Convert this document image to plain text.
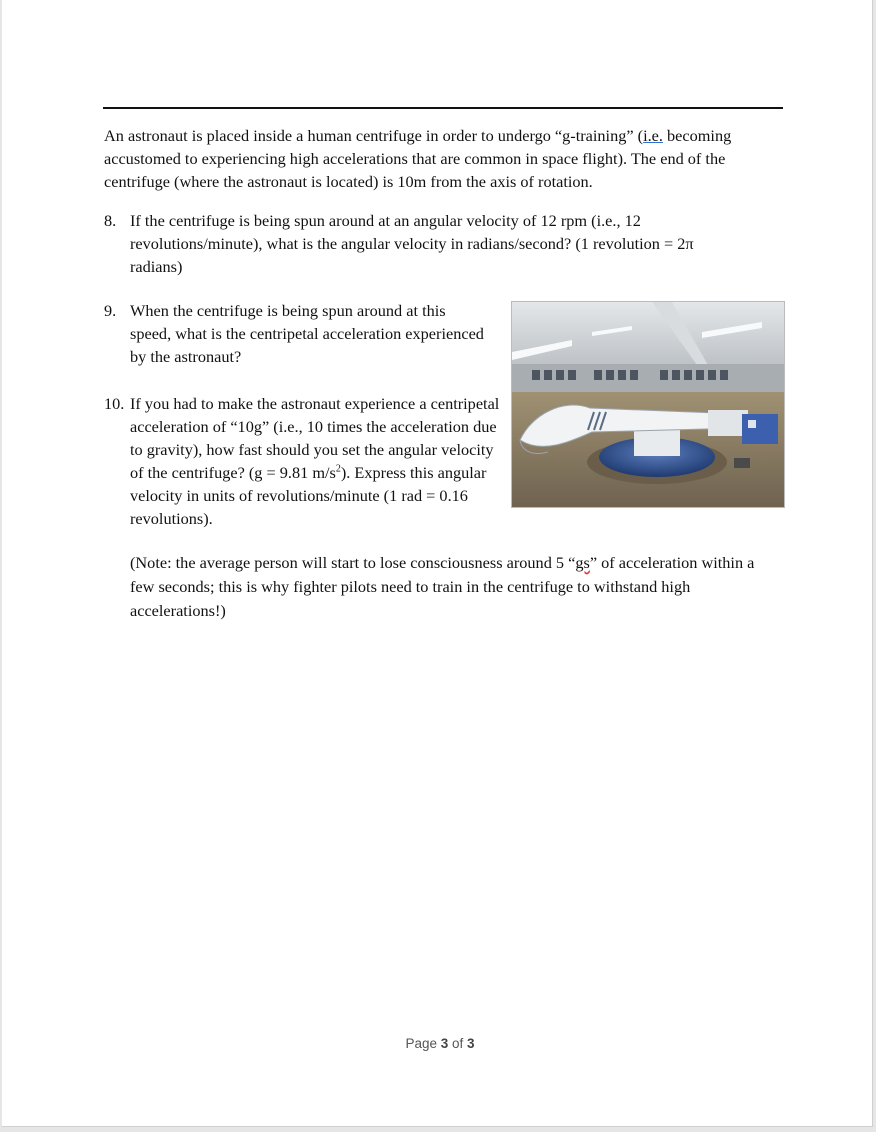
An astronaut is placed inside a human centrifuge in order to undergo “g-training” (i.e. becoming accustomed to experiencing high accelerations that are common in space flight). The end of the centrifuge (where the astronaut is located) is 10m from the axis of rotation.

8. If the centrifuge is being spun around at an angular velocity of 12 rpm (i.e., 12 revolutions/minute), what is the angular velocity in radians/second? (1 revolution = 2π radians)
9. When the centrifuge is being spun around at this speed, what is the centripetal acceleration experienced by the astronaut?
10. If you had to make the astronaut experience a centripetal acceleration of “10g” (i.e., 10 times the acceleration due to gravity), how fast should you set the angular velocity of the centrifuge? (g = 9.81 $m/s^2$). Express this angular velocity in units of revolutions/minute (1 rad = 0.16 revolutions).

(Note: the average person will start to lose consciousness around 5 “gs” of acceleration within a few seconds; this is why fighter pilots need to train in the centrifuge to withstand high accelerations!)

Page 3 of 3
